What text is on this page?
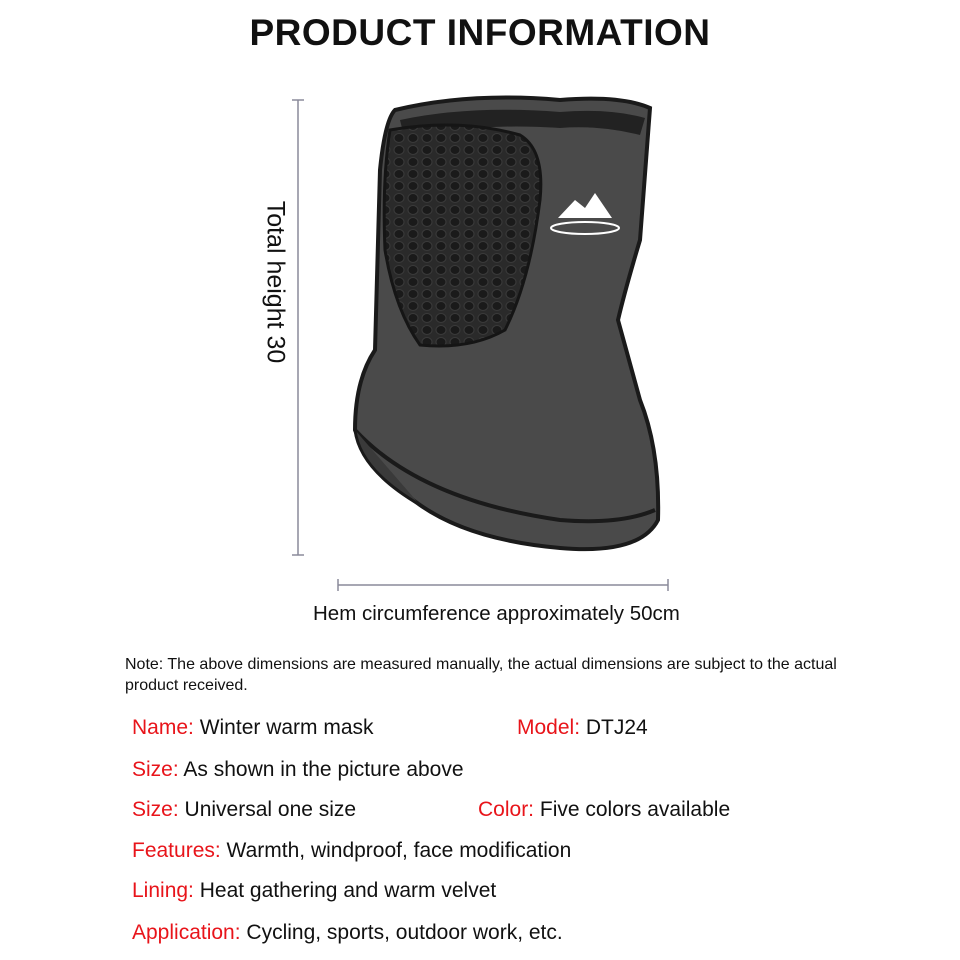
PRODUCT INFORMATION
Total height 30
Hem circumference approximately 50cm
Note: The above dimensions are measured manually, the actual dimensions are subject to the actual product received.
Name: Winter warm mask	Model: DTJ24
Size: As shown in the picture above
Size: Universal one size	Color: Five colors available
Features: Warmth, windproof, face modification
Lining: Heat gathering and warm velvet
Application: Cycling, sports, outdoor work, etc.
